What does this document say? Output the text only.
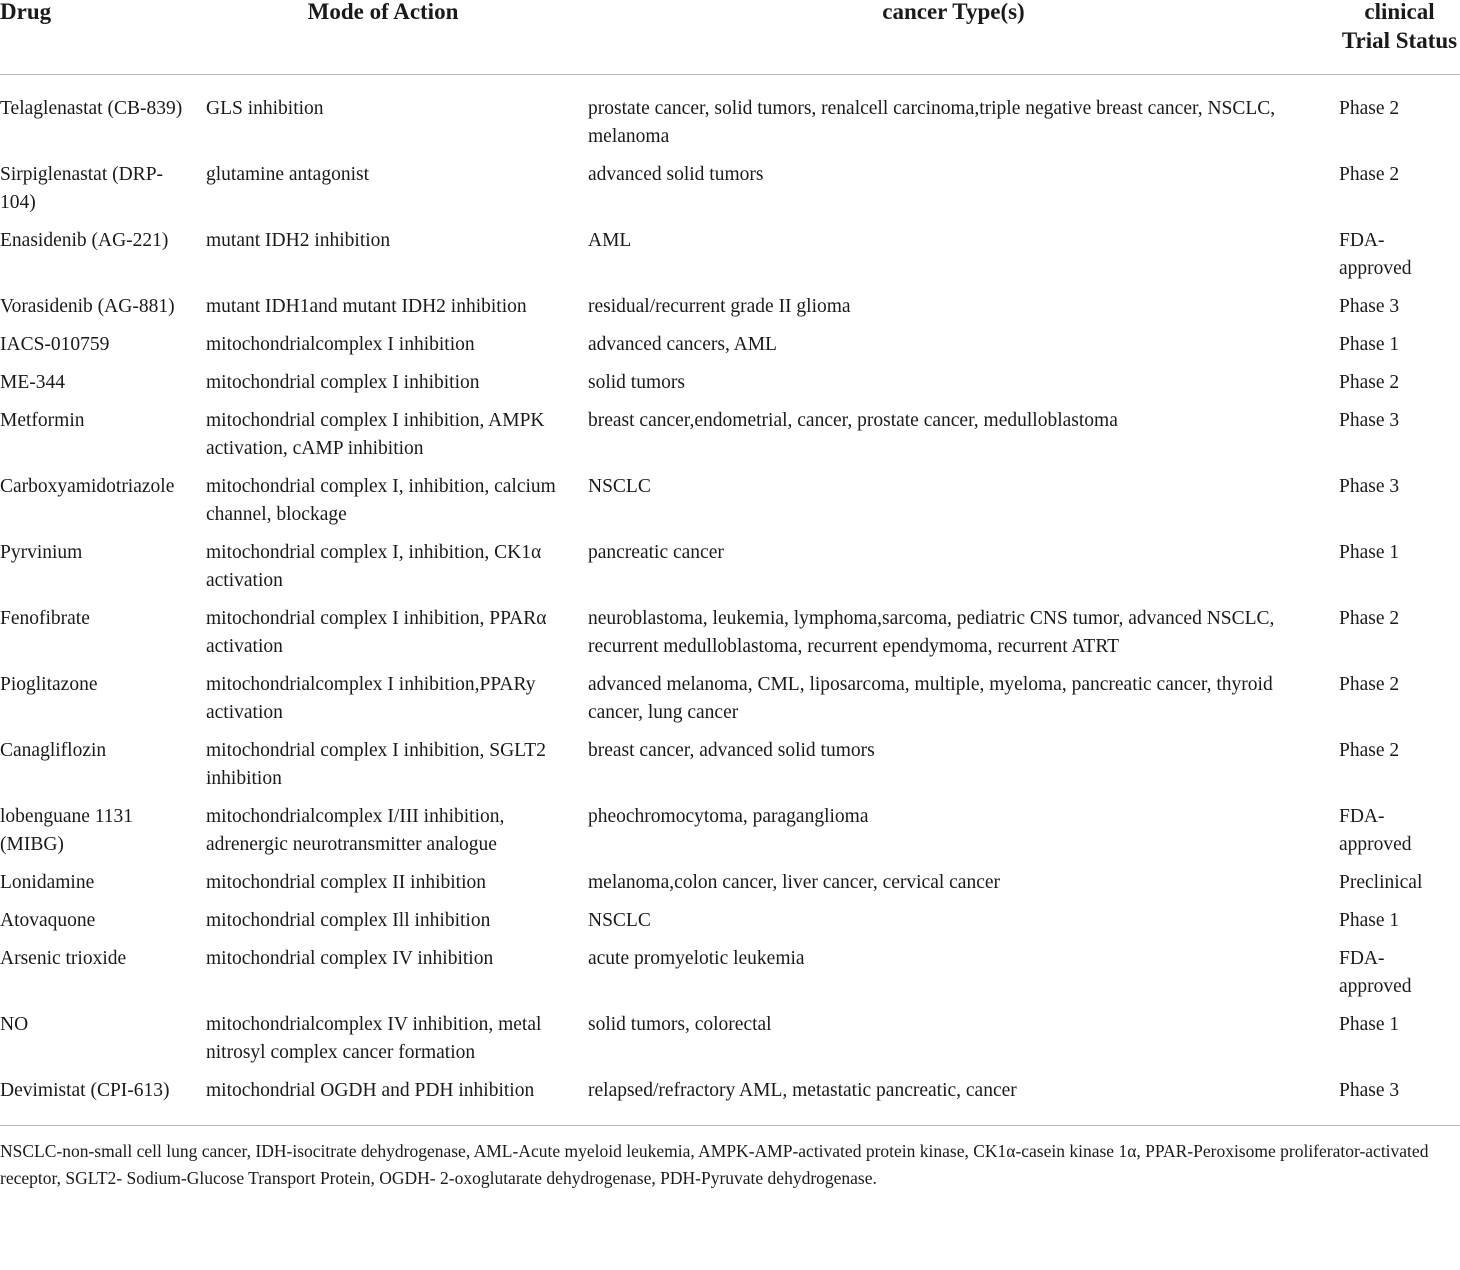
Drug	Mode of Action	cancer Type(s)	clinical Trial Status

Telaglenastat (CB-839)	GLS inhibition	prostate cancer, solid tumors, renalcell carcinoma,triple negative breast cancer, NSCLC, melanoma	Phase 2
Sirpiglenastat (DRP-104)	glutamine antagonist	advanced solid tumors	Phase 2
Enasidenib (AG-221)	mutant IDH2 inhibition	AML	FDA-approved
Vorasidenib (AG-881)	mutant IDH1and mutant IDH2 inhibition	residual/recurrent grade II glioma	Phase 3
IACS-010759	mitochondrialcomplex I inhibition	advanced cancers, AML	Phase 1
ME-344	mitochondrial complex I inhibition	solid tumors	Phase 2
Metformin	mitochondrial complex I inhibition, AMPK activation, cAMP inhibition	breast cancer,endometrial, cancer, prostate cancer, medulloblastoma	Phase 3
Carboxyamidotriazole	mitochondrial complex I, inhibition, calcium channel, blockage	NSCLC	Phase 3
Pyrvinium	mitochondrial complex I, inhibition, CK1α activation	pancreatic cancer	Phase 1
Fenofibrate	mitochondrial complex I inhibition, PPARα activation	neuroblastoma, leukemia, lymphoma,sarcoma, pediatric CNS tumor, advanced NSCLC, recurrent medulloblastoma, recurrent ependymoma, recurrent ATRT	Phase 2
Pioglitazone	mitochondrialcomplex I inhibition,PPARy activation	advanced melanoma, CML, liposarcoma, multiple, myeloma, pancreatic cancer, thyroid cancer, lung cancer	Phase 2
Canagliflozin	mitochondrial complex I inhibition, SGLT2 inhibition	breast cancer, advanced solid tumors	Phase 2
lobenguane 1131 (MIBG)	mitochondrialcomplex I/III inhibition, adrenergic neurotransmitter analogue	pheochromocytoma, paraganglioma	FDA-approved
Lonidamine	mitochondrial complex II inhibition	melanoma,colon cancer, liver cancer, cervical cancer	Preclinical
Atovaquone	mitochondrial complex Ill inhibition	NSCLC	Phase 1
Arsenic trioxide	mitochondrial complex IV inhibition	acute promyelotic leukemia	FDA-approved
NO	mitochondrialcomplex IV inhibition, metal nitrosyl complex cancer formation	solid tumors, colorectal	Phase 1
Devimistat (CPI-613)	mitochondrial OGDH and PDH inhibition	relapsed/refractory AML, metastatic pancreatic, cancer	Phase 3
NSCLC-non-small cell lung cancer, IDH-isocitrate dehydrogenase, AML-Acute myeloid leukemia, AMPK-AMP-activated protein kinase, CK1α-casein kinase 1α, PPAR-Peroxisome proliferator-activated receptor, SGLT2- Sodium-Glucose Transport Protein, OGDH- 2-oxoglutarate dehydrogenase, PDH-Pyruvate dehydrogenase.			
